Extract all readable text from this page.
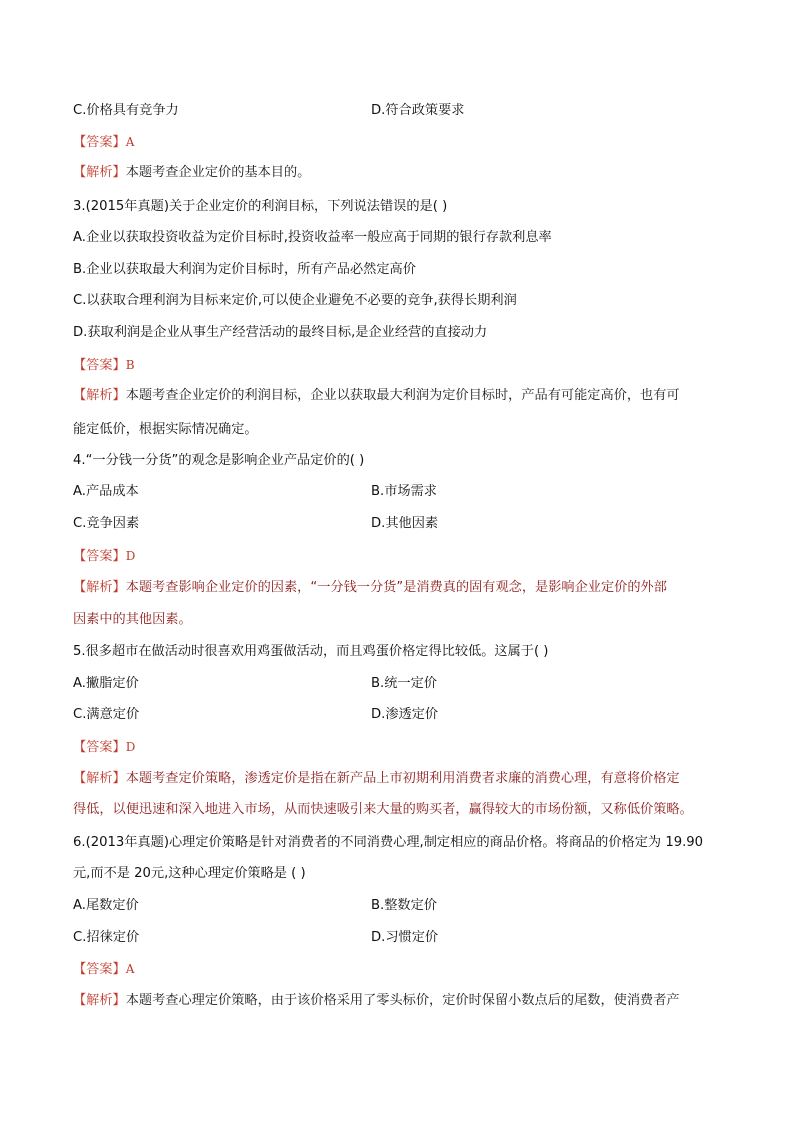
C.价格具有竞争力	D.符合政策要求
【答案】A
【解析】本题考查企业定价的基本目的。
3.(2015年真题)关于企业定价的利润目标，下列说法错误的是( )
A.企业以获取投资收益为定价目标时,投资收益率一般应高于同期的银行存款利息率
B.企业以获取最大利润为定价目标时，所有产品必然定高价
C.以获取合理利润为目标来定价,可以使企业避免不必要的竞争,获得长期利润
D.获取利润是企业从事生产经营活动的最终目标,是企业经营的直接动力
【答案】B
【解析】本题考查企业定价的利润目标，企业以获取最大利润为定价目标时，产品有可能定高价，也有可
能定低价，根据实际情况确定。
4.“一分钱一分货”的观念是影响企业产品定价的( )
A.产品成本	B.市场需求
C.竞争因素	D.其他因素
【答案】D
【解析】本题考查影响企业定价的因素，“一分钱一分货”是消费真的固有观念，是影响企业定价的外部
因素中的其他因素。
5.很多超市在做活动时很喜欢用鸡蛋做活动，而且鸡蛋价格定得比较低。这属于( )
A.撇脂定价	B.统一定价
C.满意定价	D.渗透定价
【答案】D
【解析】本题考查定价策略，渗透定价是指在新产品上市初期利用消费者求廉的消费心理，有意将价格定
得低，以便迅速和深入地进入市场，从而快速吸引来大量的购买者，赢得较大的市场份额，又称低价策略。
6.(2013年真题)心理定价策略是针对消费者的不同消费心理,制定相应的商品价格。将商品的价格定为 19.90
元,而不是 20元,这种心理定价策略是 ( )
A.尾数定价	B.整数定价
C.招徕定价	D.习惯定价
【答案】A
【解析】本题考查心理定价策略，由于该价格采用了零头标价，定价时保留小数点后的尾数，使消费者产
